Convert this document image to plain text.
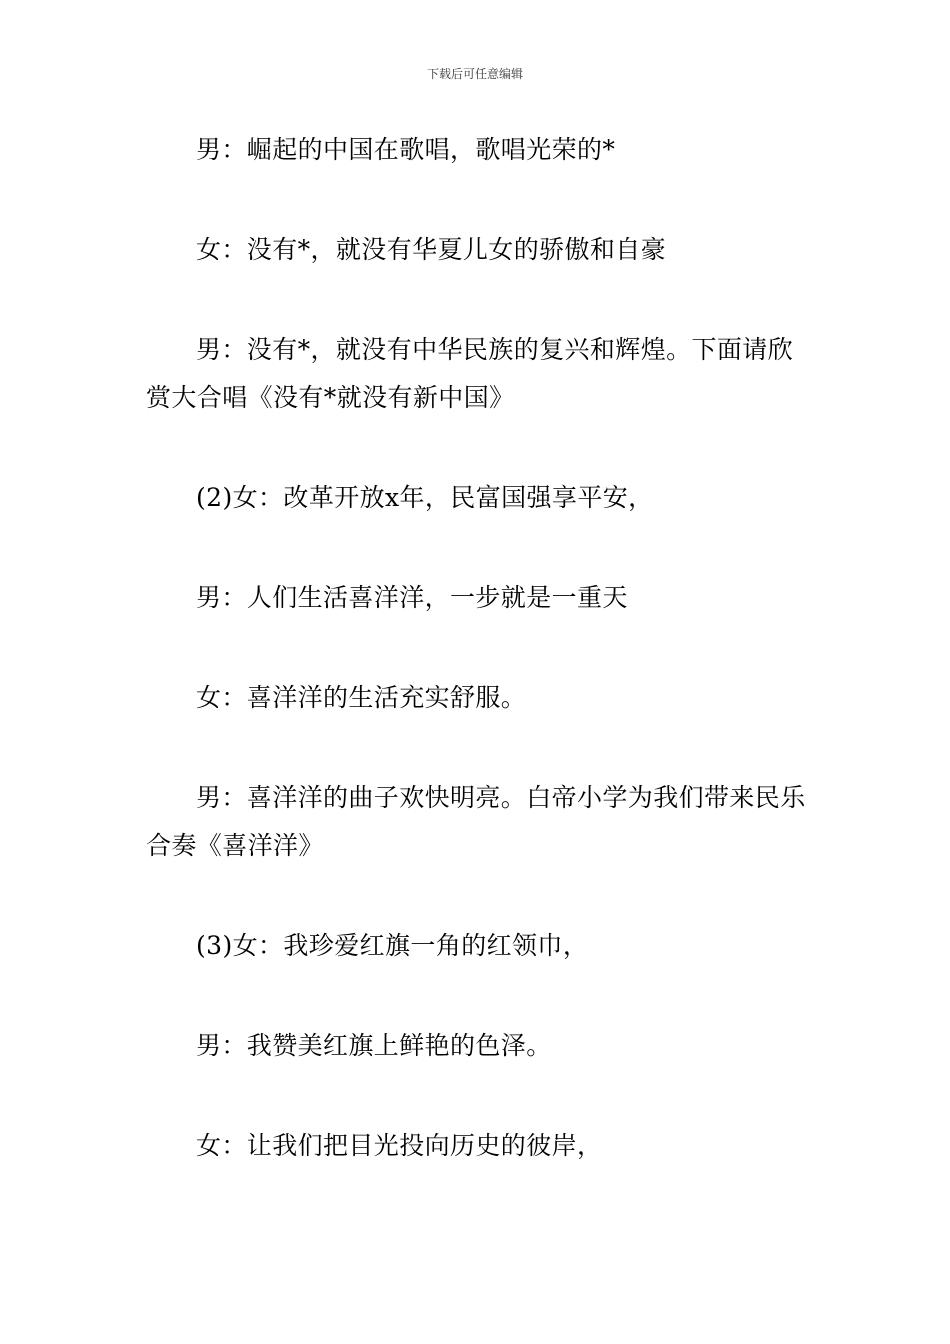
下载后可任意编辑

男：崛起的中国在歌唱，歌唱光荣的*

女：没有*，就没有华夏儿女的骄傲和自豪

男：没有*，就没有中华民族的复兴和辉煌。下面请欣赏大合唱《没有*就没有新中国》

(2)女：改革开放x年，民富国强享平安，

男：人们生活喜洋洋，一步就是一重天

女：喜洋洋的生活充实舒服。

男：喜洋洋的曲子欢快明亮。白帝小学为我们带来民乐合奏《喜洋洋》

(3)女：我珍爱红旗一角的红领巾，

男：我赞美红旗上鲜艳的色泽。

女：让我们把目光投向历史的彼岸，
